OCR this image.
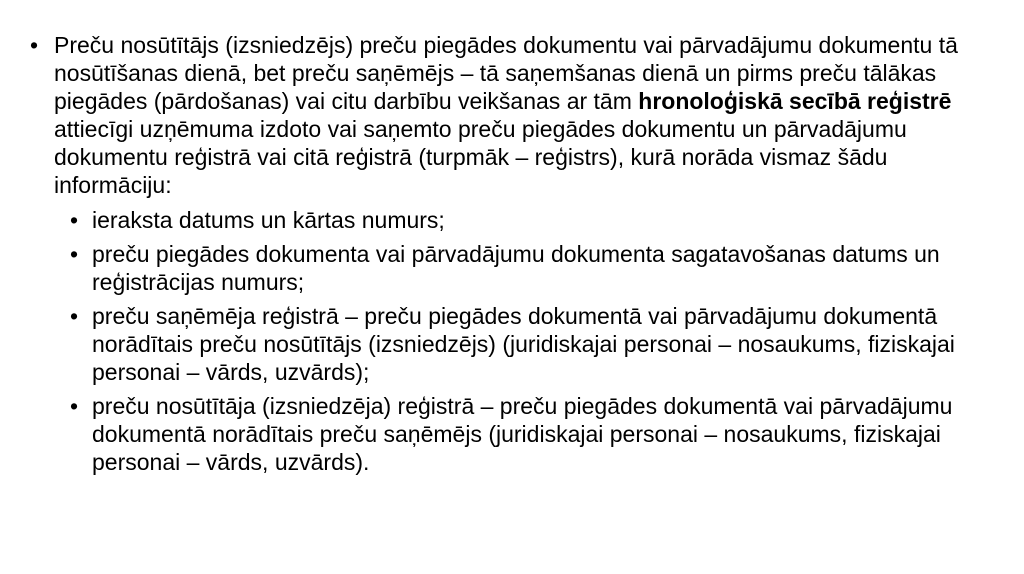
• Preču nosūtītājs (izsniedzējs) preču piegādes dokumentu vai pārvadājumu dokumentu tā nosūtīšanas dienā, bet preču saņēmējs – tā saņemšanas dienā un pirms preču tālākas piegādes (pārdošanas) vai citu darbību veikšanas ar tām hronoloģiskā secībā reģistrē attiecīgi uzņēmuma izdoto vai saņemto preču piegādes dokumentu un pārvadājumu dokumentu reģistrā vai citā reģistrā (turpmāk – reģistrs), kurā norāda vismaz šādu informāciju:
• ieraksta datums un kārtas numurs;
• preču piegādes dokumenta vai pārvadājumu dokumenta sagatavošanas datums un reģistrācijas numurs;
• preču saņēmēja reģistrā – preču piegādes dokumentā vai pārvadājumu dokumentā norādītais preču nosūtītājs (izsniedzējs) (juridiskajai personai – nosaukums, fiziskajai personai – vārds, uzvārds);
• preču nosūtītāja (izsniedzēja) reģistrā – preču piegādes dokumentā vai pārvadājumu dokumentā norādītais preču saņēmējs (juridiskajai personai – nosaukums, fiziskajai personai – vārds, uzvārds).
